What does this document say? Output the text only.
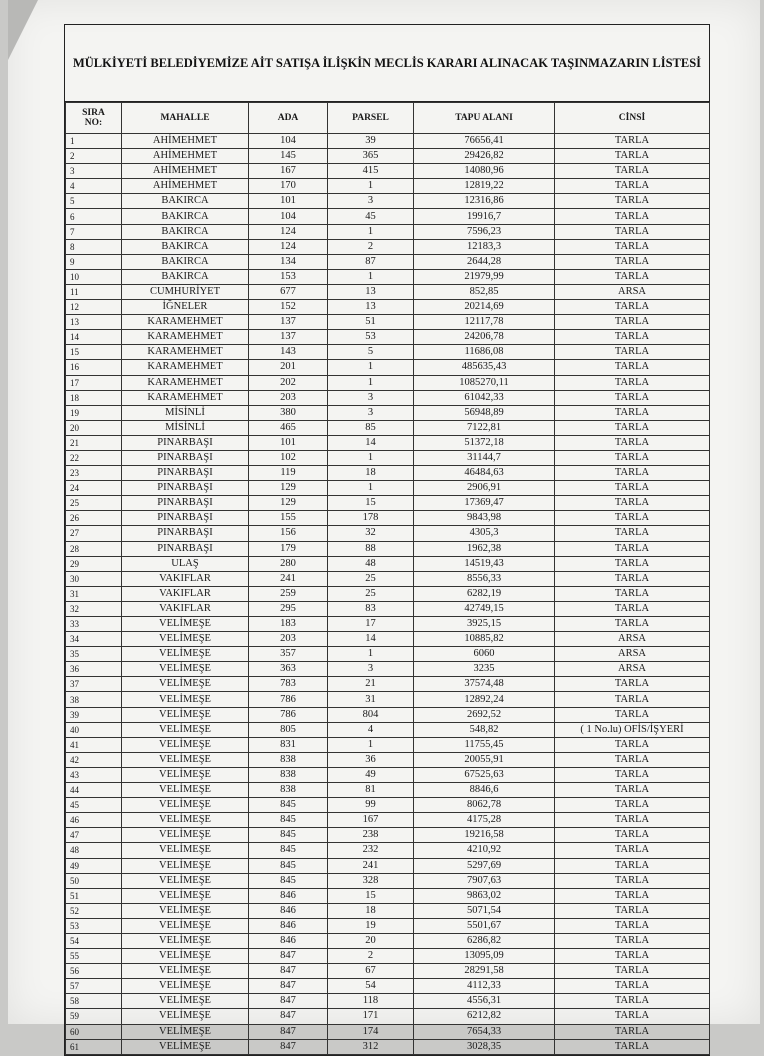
MÜLKİYETİ BELEDİYEMİZE AİT SATIŞA İLİŞKİN MECLİS KARARI ALINACAK TAŞINMAZARIN LİSTESİ
SIRA
NO:	MAHALLE	ADA	PARSEL	TAPU ALANI	CİNSİ
1	AHİMEHMET	104	39	76656,41	TARLA
2	AHİMEHMET	145	365	29426,82	TARLA
3	AHİMEHMET	167	415	14080,96	TARLA
4	AHİMEHMET	170	1	12819,22	TARLA
5	BAKIRCA	101	3	12316,86	TARLA
6	BAKIRCA	104	45	19916,7	TARLA
7	BAKIRCA	124	1	7596,23	TARLA
8	BAKIRCA	124	2	12183,3	TARLA
9	BAKIRCA	134	87	2644,28	TARLA
10	BAKIRCA	153	1	21979,99	TARLA
11	CUMHURİYET	677	13	852,85	ARSA
12	İĞNELER	152	13	20214,69	TARLA
13	KARAMEHMET	137	51	12117,78	TARLA
14	KARAMEHMET	137	53	24206,78	TARLA
15	KARAMEHMET	143	5	11686,08	TARLA
16	KARAMEHMET	201	1	485635,43	TARLA
17	KARAMEHMET	202	1	1085270,11	TARLA
18	KARAMEHMET	203	3	61042,33	TARLA
19	MİSİNLİ	380	3	56948,89	TARLA
20	MİSİNLİ	465	85	7122,81	TARLA
21	PINARBAŞI	101	14	51372,18	TARLA
22	PINARBAŞI	102	1	31144,7	TARLA
23	PINARBAŞI	119	18	46484,63	TARLA
24	PINARBAŞI	129	1	2906,91	TARLA
25	PINARBAŞI	129	15	17369,47	TARLA
26	PINARBAŞI	155	178	9843,98	TARLA
27	PINARBAŞI	156	32	4305,3	TARLA
28	PINARBAŞI	179	88	1962,38	TARLA
29	ULAŞ	280	48	14519,43	TARLA
30	VAKIFLAR	241	25	8556,33	TARLA
31	VAKIFLAR	259	25	6282,19	TARLA
32	VAKIFLAR	295	83	42749,15	TARLA
33	VELİMEŞE	183	17	3925,15	TARLA
34	VELİMEŞE	203	14	10885,82	ARSA
35	VELİMEŞE	357	1	6060	ARSA
36	VELİMEŞE	363	3	3235	ARSA
37	VELİMEŞE	783	21	37574,48	TARLA
38	VELİMEŞE	786	31	12892,24	TARLA
39	VELİMEŞE	786	804	2692,52	TARLA
40	VELİMEŞE	805	4	548,82	( 1 No.lu) OFİS/İŞYERİ
41	VELİMEŞE	831	1	11755,45	TARLA
42	VELİMEŞE	838	36	20055,91	TARLA
43	VELİMEŞE	838	49	67525,63	TARLA
44	VELİMEŞE	838	81	8846,6	TARLA
45	VELİMEŞE	845	99	8062,78	TARLA
46	VELİMEŞE	845	167	4175,28	TARLA
47	VELİMEŞE	845	238	19216,58	TARLA
48	VELİMEŞE	845	232	4210,92	TARLA
49	VELİMEŞE	845	241	5297,69	TARLA
50	VELİMEŞE	845	328	7907,63	TARLA
51	VELİMEŞE	846	15	9863,02	TARLA
52	VELİMEŞE	846	18	5071,54	TARLA
53	VELİMEŞE	846	19	5501,67	TARLA
54	VELİMEŞE	846	20	6286,82	TARLA
55	VELİMEŞE	847	2	13095,09	TARLA
56	VELİMEŞE	847	67	28291,58	TARLA
57	VELİMEŞE	847	54	4112,33	TARLA
58	VELİMEŞE	847	118	4556,31	TARLA
59	VELİMEŞE	847	171	6212,82	TARLA
60	VELİMEŞE	847	174	7654,33	TARLA
61	VELİMEŞE	847	312	3028,35	TARLA
